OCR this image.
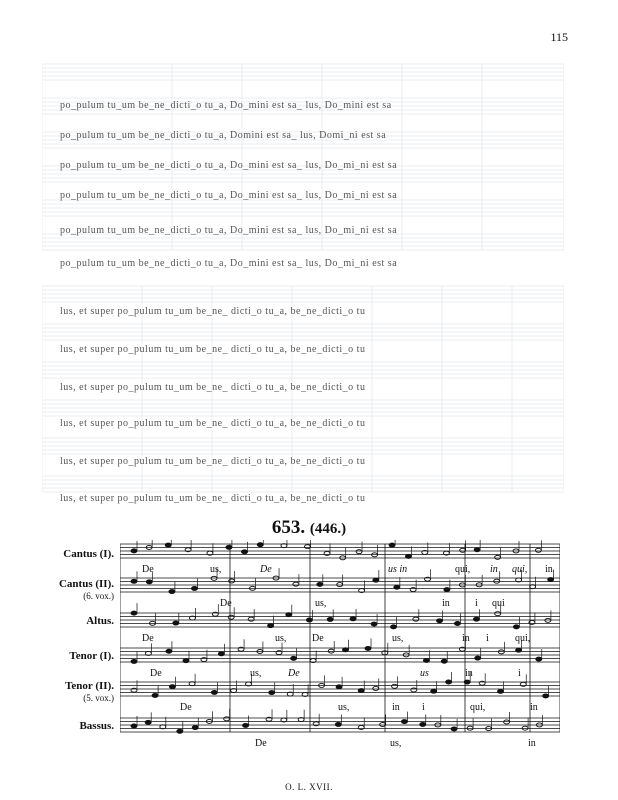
115
po_pulum tu_um be_ne_dicti_o tu_a, Do_mini est sa_ lus, Do_mini est sa
po_pulum tu_um be_ne_dicti_o tu_a, Domini est sa_ lus, Domi_ni est sa
po_pulum tu_um be_ne_dicti_o tu_a, Do_mini est sa_ lus, Do_mi_ni est sa
po_pulum tu_um be_ne_dicti_o tu_a, Do_mini est sa_ lus, Do_mi_ni est sa
po_pulum tu_um be_ne_dicti_o tu_a, Do_mini est sa_ lus, Do_mi_ni est sa
po_pulum tu_um be_ne_dicti_o tu_a, Do_mini est sa_ lus, Do_mi_ni est sa
lus, et super po_pulum tu_um be_ne_ dicti_o tu_a, be_ne_dicti_o tu
lus, et super po_pulum tu_um be_ne_ dicti_o tu_a, be_ne_dicti_o tu
lus, et super po_pulum tu_um be_ne_ dicti_o tu_a, be_ne_dicti_o tu
lus, et super po_pulum tu_um be_ne_ dicti_o tu_a, be_ne_dicti_o tu
lus, et super po_pulum tu_um be_ne_ dicti_o tu_a, be_ne_dicti_o tu
lus, et super po_pulum tu_um be_ne_ dicti_o tu_a, be_ne_dicti_o tu
653. (446.)
Cantus (I).
Cantus (II).
(6. vox.)
Altus.
Tenor (I).
Tenor (II).
(5. vox.)
Bassus.
De	us,	De	us in	qui, in qui, in
De	us,	in	i qui
De	us,	De	us,	in i	qui,
De	us,	De	us	in	i
De	us,	in i	qui,	in
De	us,	in
O. L. XVII.
